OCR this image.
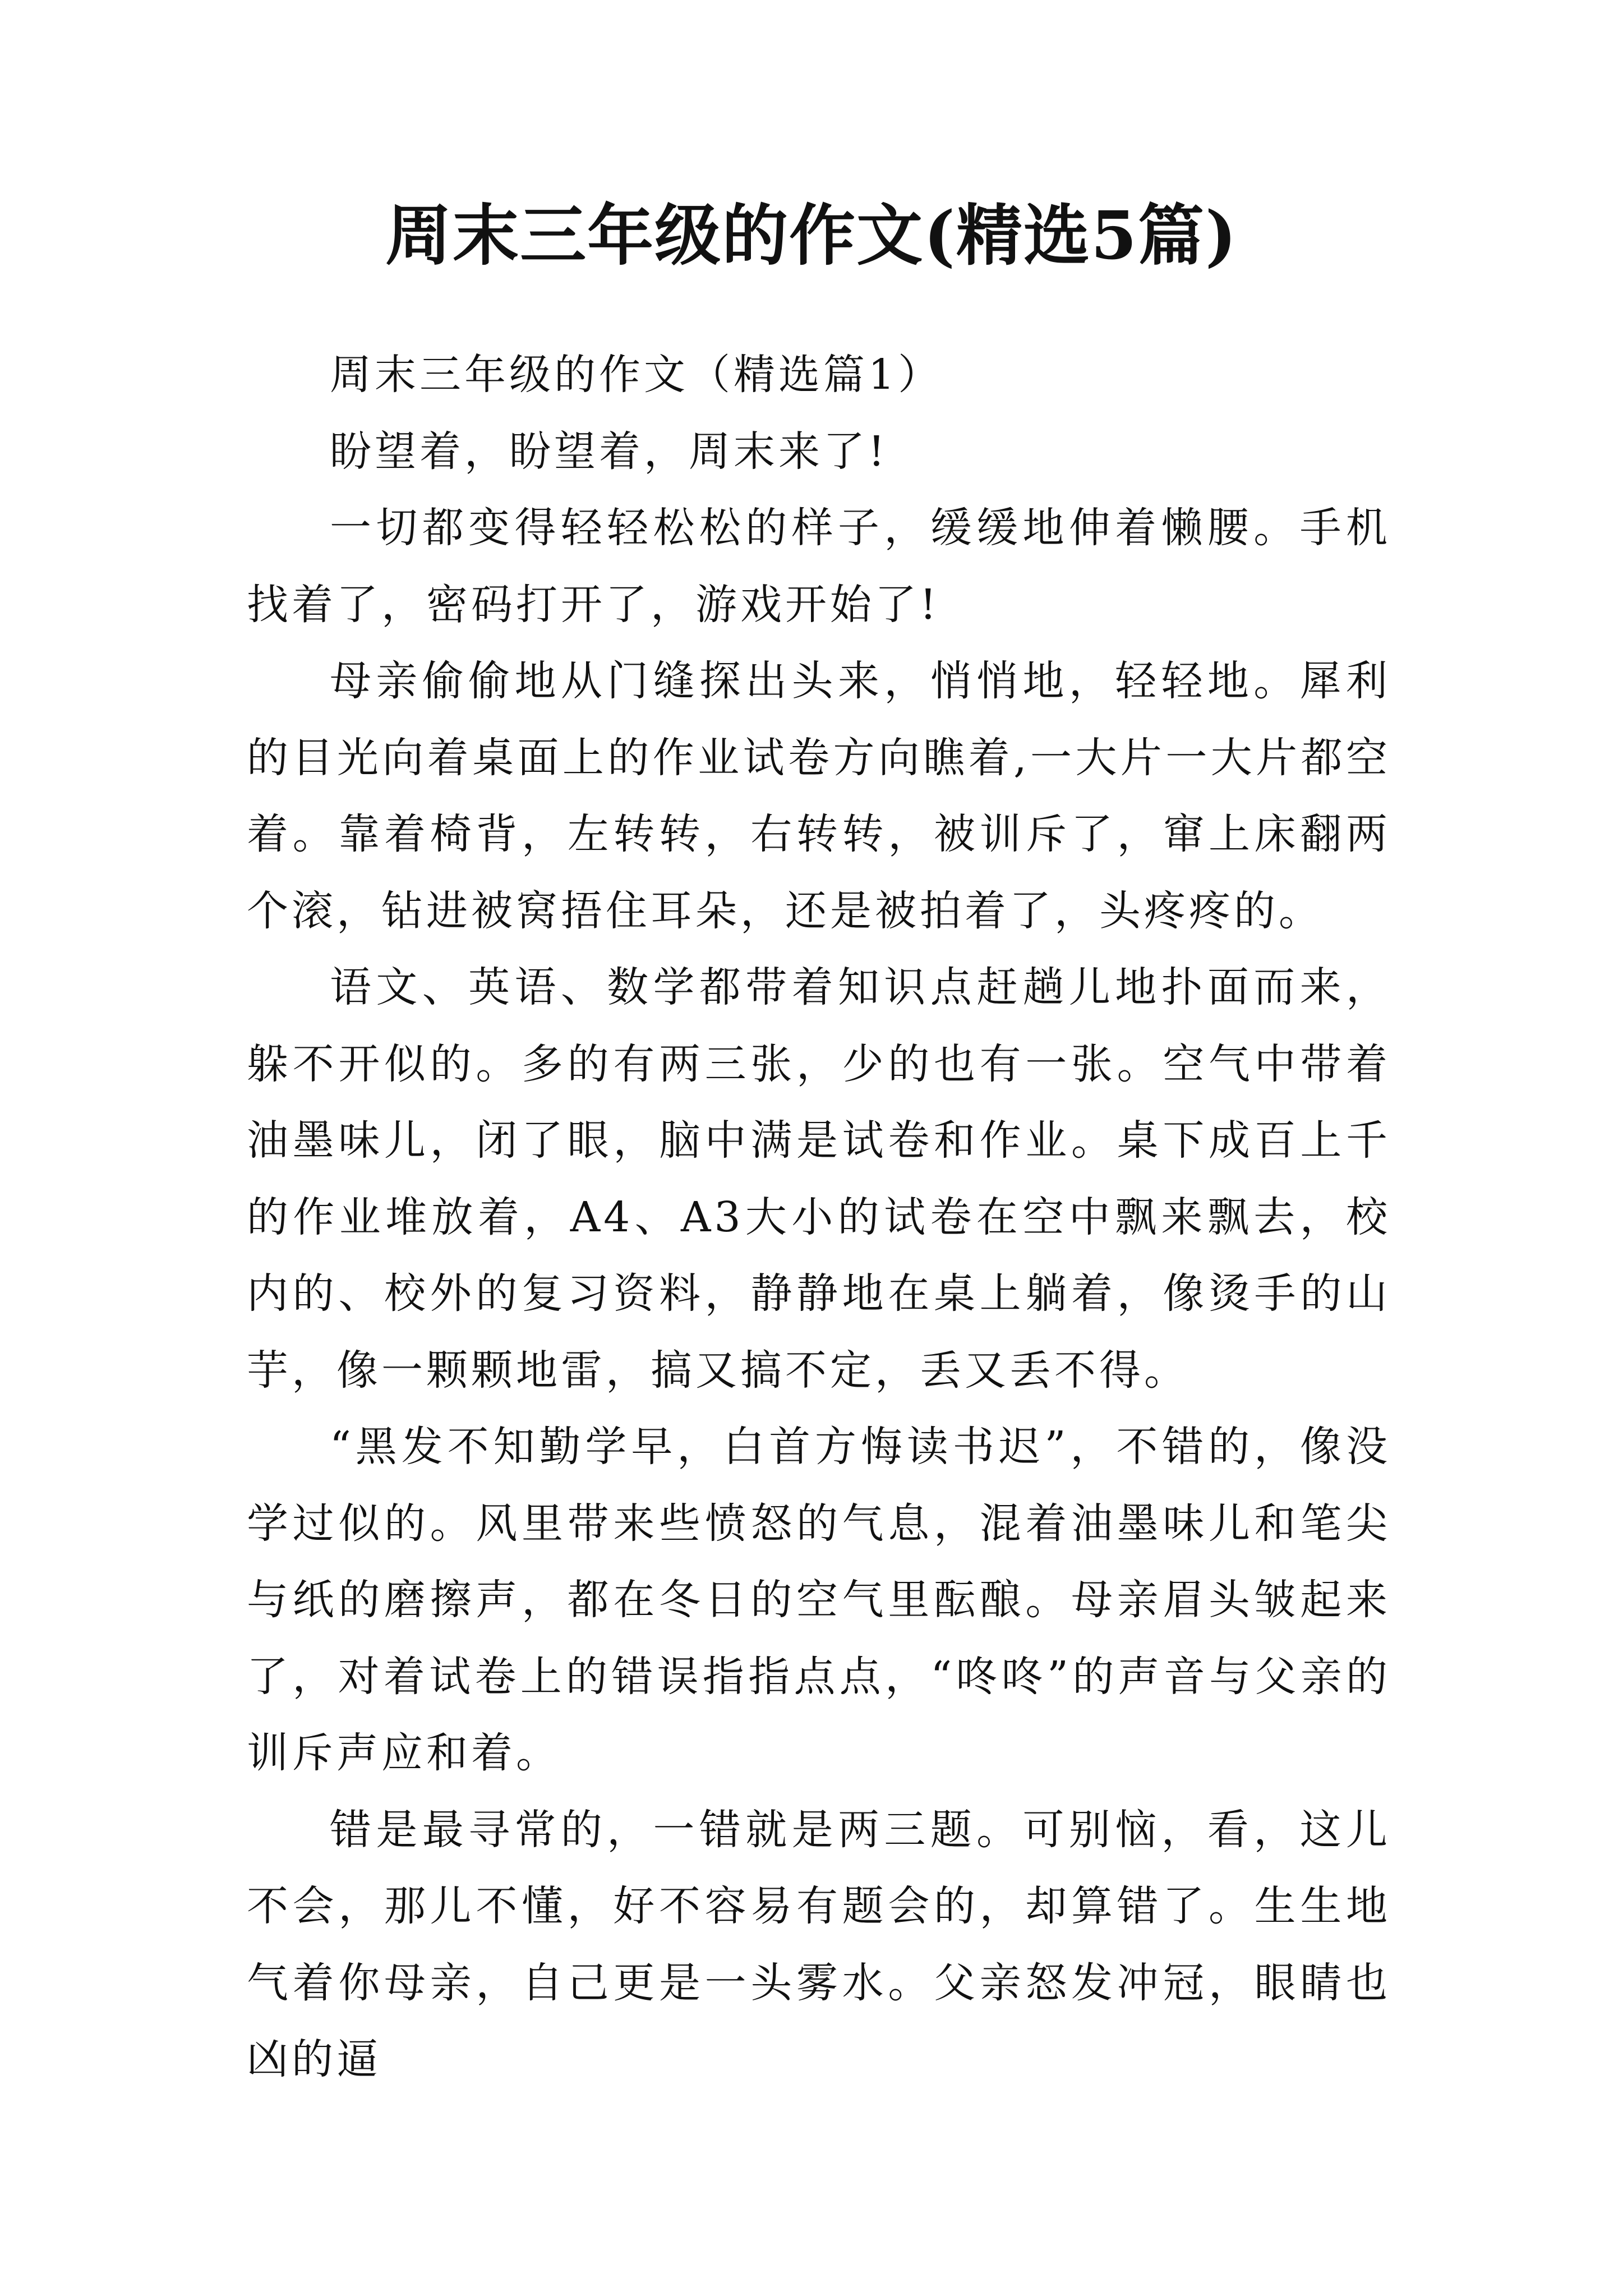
周末三年级的作文(精选5篇)

周末三年级的作文（精选篇1）

盼望着，盼望着，周末来了!

一切都变得轻轻松松的样子，缓缓地伸着懒腰。手机找着了，密码打开了，游戏开始了!

母亲偷偷地从门缝探出头来，悄悄地，轻轻地。犀利的目光向着桌面上的作业试卷方向瞧着,一大片一大片都空着。靠着椅背，左转转，右转转，被训斥了，窜上床翻两个滚，钻进被窝捂住耳朵，还是被拍着了，头疼疼的。

语文、英语、数学都带着知识点赶趟儿地扑面而来，躲不开似的。多的有两三张，少的也有一张。空气中带着油墨味儿，闭了眼，脑中满是试卷和作业。桌下成百上千的作业堆放着，A4、A3大小的试卷在空中飘来飘去，校内的、校外的复习资料，静静地在桌上躺着，像烫手的山芋，像一颗颗地雷，搞又搞不定，丢又丢不得。

“黑发不知勤学早，白首方悔读书迟”，不错的，像没学过似的。风里带来些愤怒的气息，混着油墨味儿和笔尖与纸的磨擦声，都在冬日的空气里酝酿。母亲眉头皱起来了，对着试卷上的错误指指点点，“咚咚”的声音与父亲的训斥声应和着。

错是最寻常的，一错就是两三题。可别恼，看，这儿不会，那儿不懂，好不容易有题会的，却算错了。生生地气着你母亲，自己更是一头雾水。父亲怒发冲冠，眼睛也凶的逼
